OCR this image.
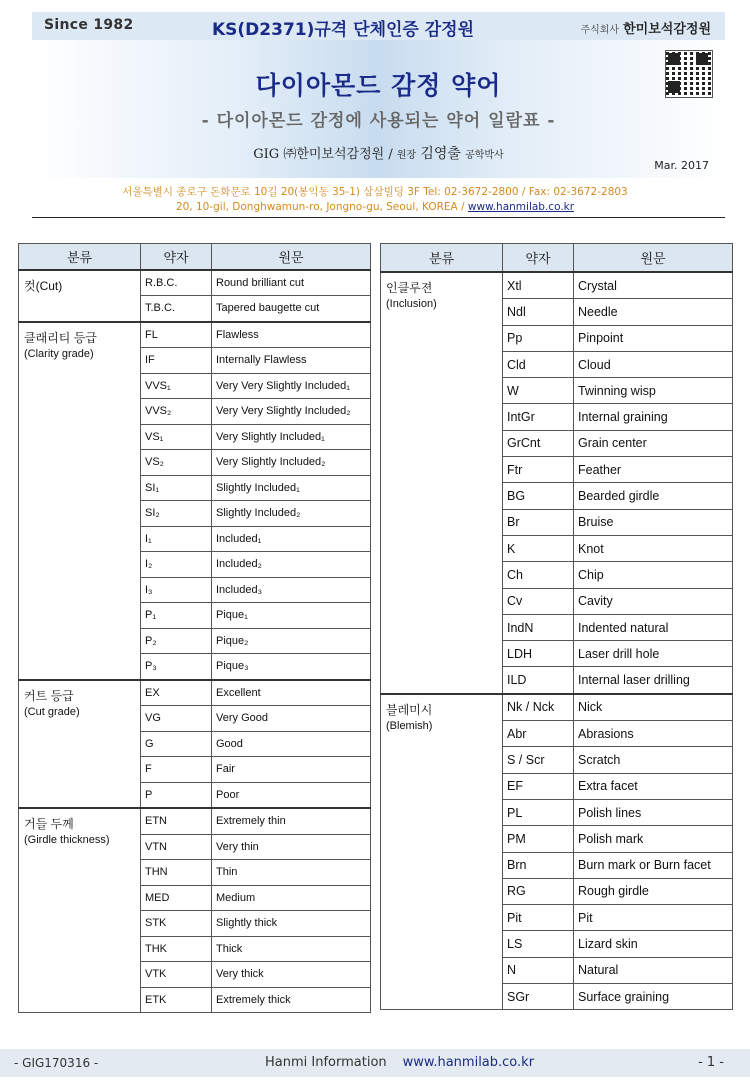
Since 1982	KS(D2371)규격 단체인증 감정원	주식회사 한미보석감정원
다이아몬드 감정 약어
- 다이아몬드 감정에 사용되는 약어 일람표 -
GIG ㈜한미보석감정원 / 원장 김영출 공학박사
Mar. 2017
서울특별시 종로구 돈화문로 10길 20(봉익동 35-1) 삼삼빌딩 3F Tel: 02-3672-2800 / Fax: 02-3672-2803
20, 10-gil, Donghwamun-ro, Jongno-gu, Seoul, KOREA / www.hanmilab.co.kr
분류	약자	원문

컷(Cut)	R.B.C.	Round brilliant cut
	T.B.C.	Tapered baugette cut

클래리티 등급
(Clarity grade)	FL	Flawless
	IF	Internally Flawless
	VVS₁	Very Very Slightly Included₁
	VVS₂	Very Very Slightly Included₂
	VS₁	Very Slightly Included₁
	VS₂	Very Slightly Included₂
	SI₁	Slightly Included₁
	SI₂	Slightly Included₂
	I₁	Included₁
	I₂	Included₂
	I₃	Included₃
	P₁	Pique₁
	P₂	Pique₂
	P₃	Pique₃

커트 등급
(Cut grade)	EX	Excellent
	VG	Very Good
	G	Good
	F	Fair
	P	Poor

거들 두께
(Girdle thickness)	ETN	Extremely thin
	VTN	Very thin
	THN	Thin
	MED	Medium
	STK	Slightly thick
	THK	Thick
	VTK	Very thick
	ETK	Extremely thick
분류	약자	원문

인클루젼
(Inclusion)	Xtl	Crystal
	Ndl	Needle
	Pp	Pinpoint
	Cld	Cloud
	W	Twinning wisp
	IntGr	Internal graining
	GrCnt	Grain center
	Ftr	Feather
	BG	Bearded girdle
	Br	Bruise
	K	Knot
	Ch	Chip
	Cv	Cavity
	IndN	Indented natural
	LDH	Laser drill hole
	ILD	Internal laser drilling

블레미시
(Blemish)	Nk / Nck	Nick
	Abr	Abrasions
	S / Scr	Scratch
	EF	Extra facet
	PL	Polish lines
	PM	Polish mark
	Brn	Burn mark or Burn facet
	RG	Rough girdle
	Pit	Pit
	LS	Lizard skin
	N	Natural
	SGr	Surface graining
- GIG170316 -	Hanmi Information www.hanmilab.co.kr	- 1 -
